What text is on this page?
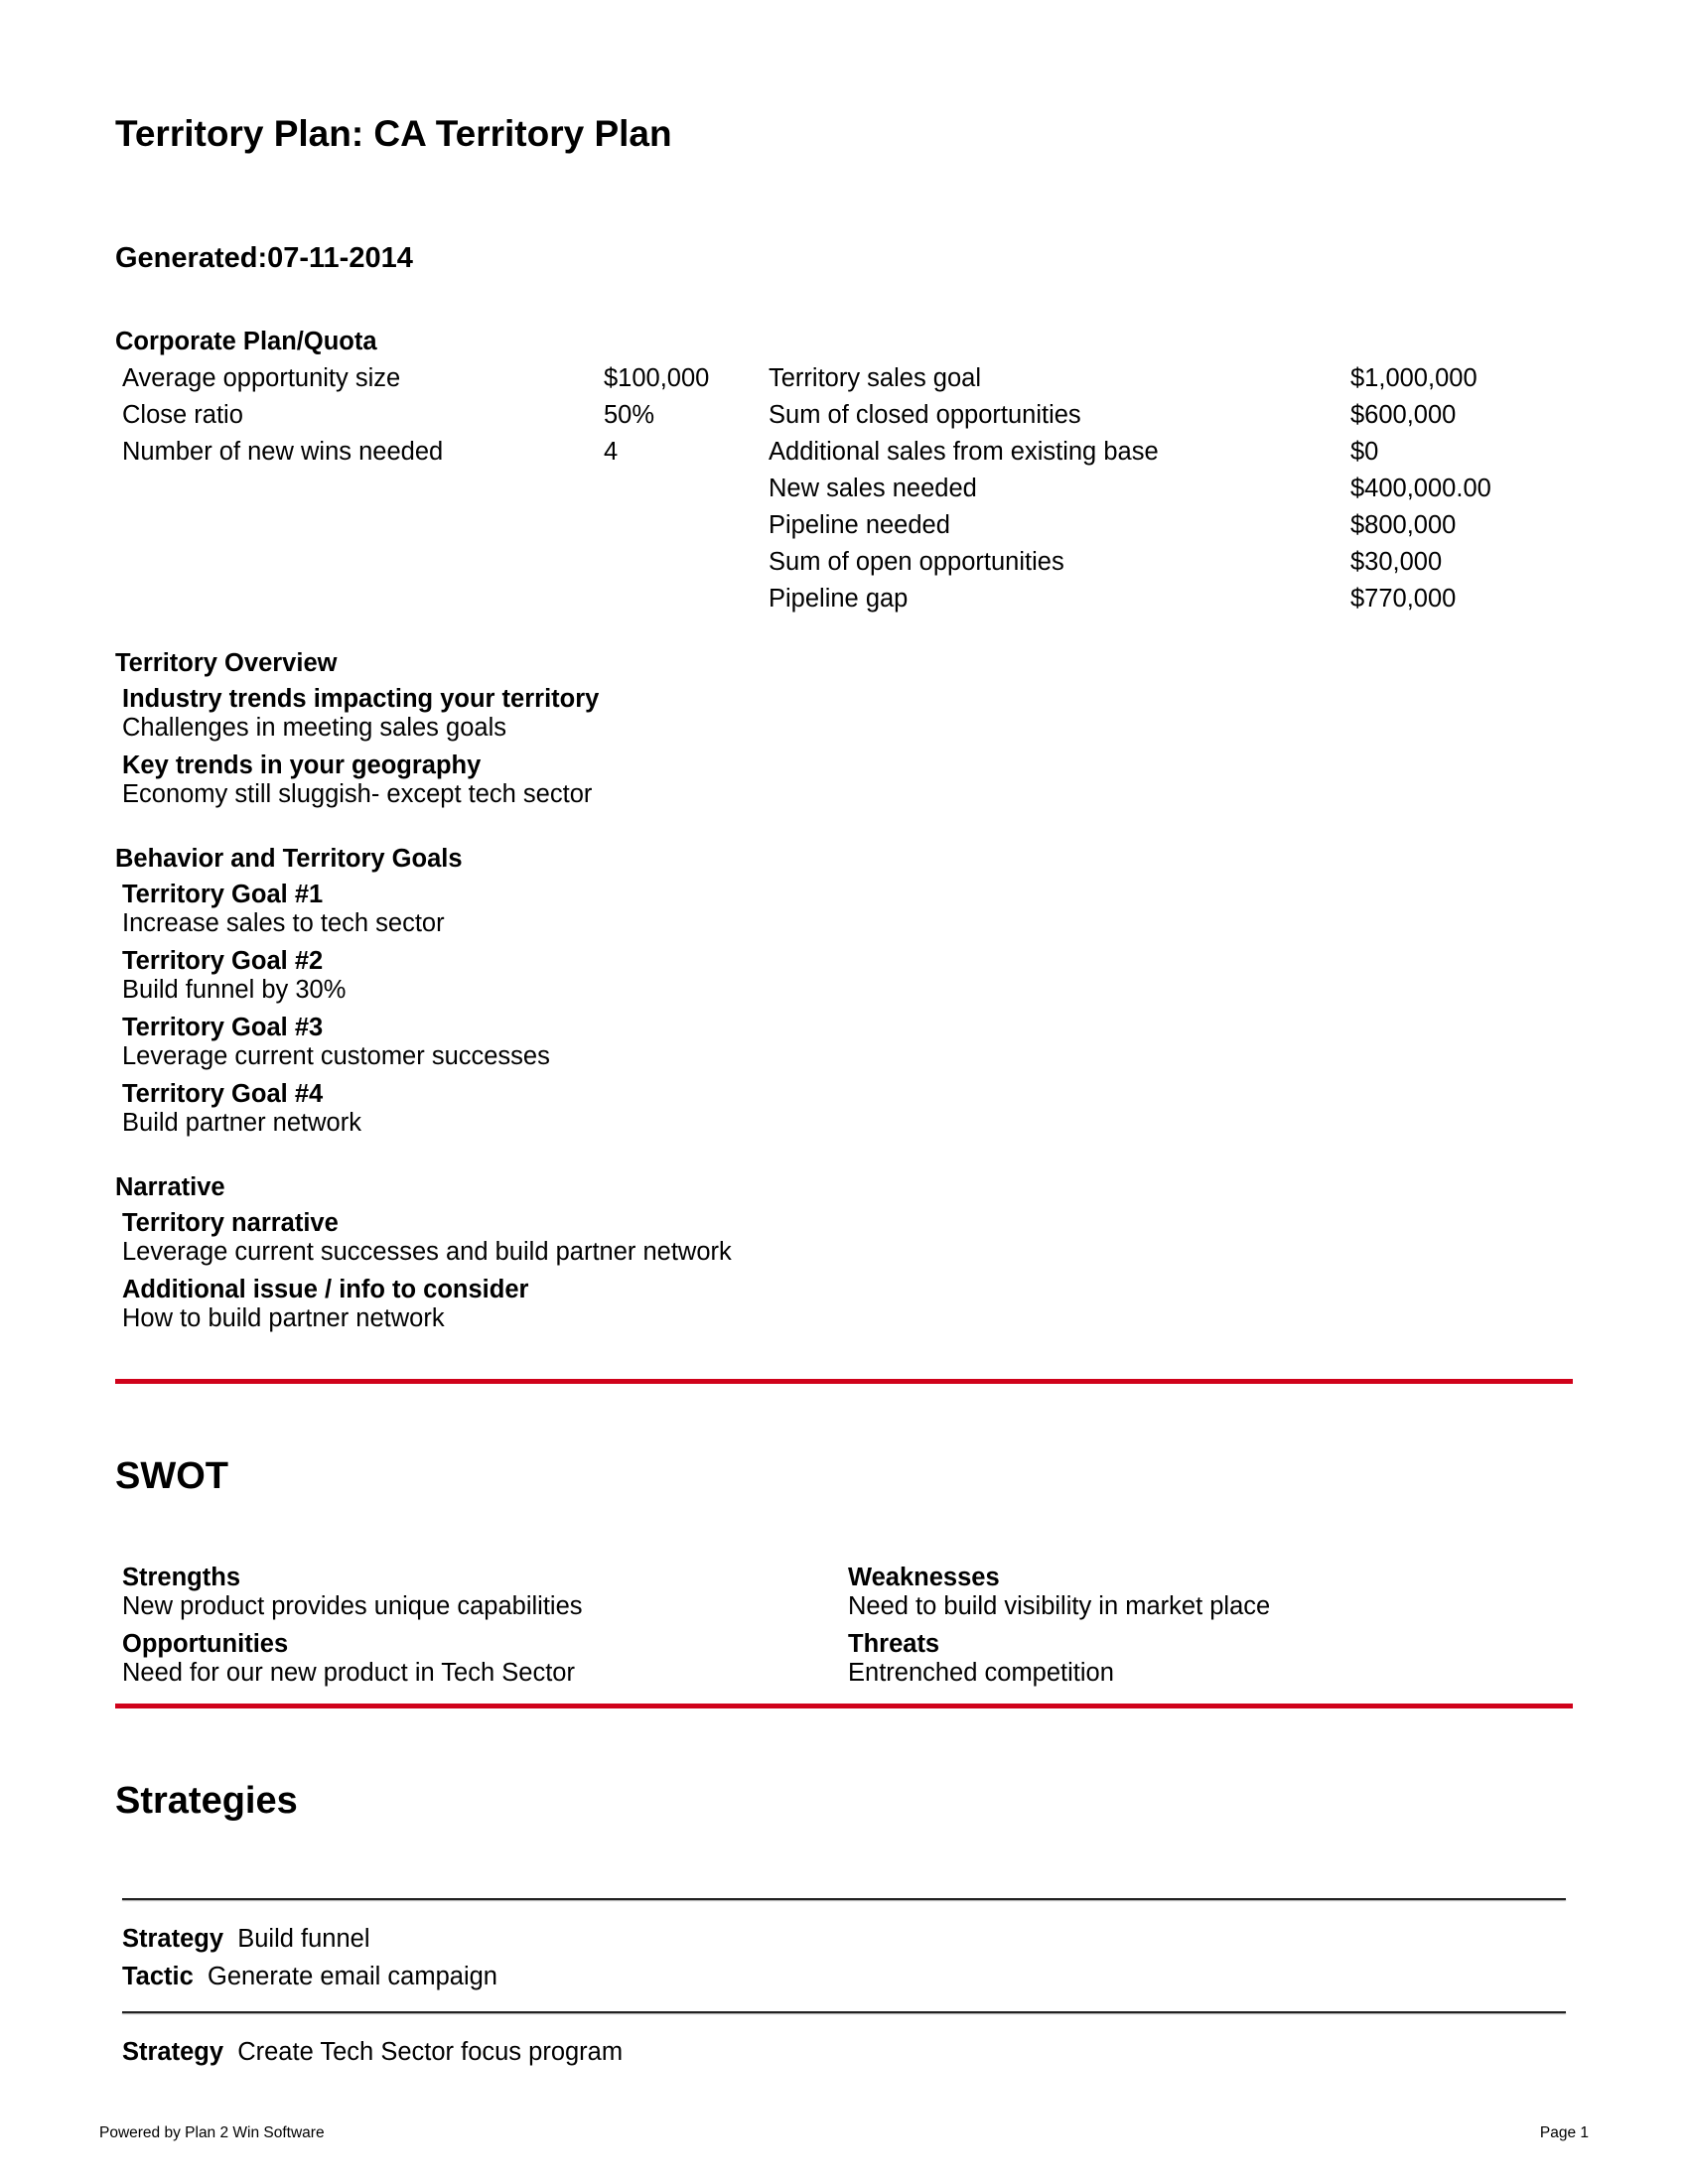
Territory Plan: CA Territory Plan
Generated:07-11-2014
Corporate Plan/Quota
Average opportunity size	$100,000
Close ratio	50%
Number of new wins needed	4
Territory sales goal	$1,000,000
Sum of closed opportunities	$600,000
Additional sales from existing base	$0
New sales needed	$400,000.00
Pipeline needed	$800,000
Sum of open opportunities	$30,000
Pipeline gap	$770,000
Territory Overview
Industry trends impacting your territory
Challenges in meeting sales goals
Key trends in your geography
Economy still sluggish- except tech sector
Behavior and Territory Goals
Territory Goal #1
Increase sales to tech sector
Territory Goal #2
Build funnel by 30%
Territory Goal #3
Leverage current customer successes
Territory Goal #4
Build partner network
Narrative
Territory narrative
Leverage current successes and build partner network
Additional issue / info to consider
How to build partner network
SWOT
Strengths
New product provides unique capabilities
Weaknesses
Need to build visibility in market place
Opportunities
Need for our new product in Tech Sector
Threats
Entrenched competition
Strategies
Strategy Build funnel
Tactic Generate email campaign
Strategy Create Tech Sector focus program
Powered by Plan 2 Win Software	Page 1
